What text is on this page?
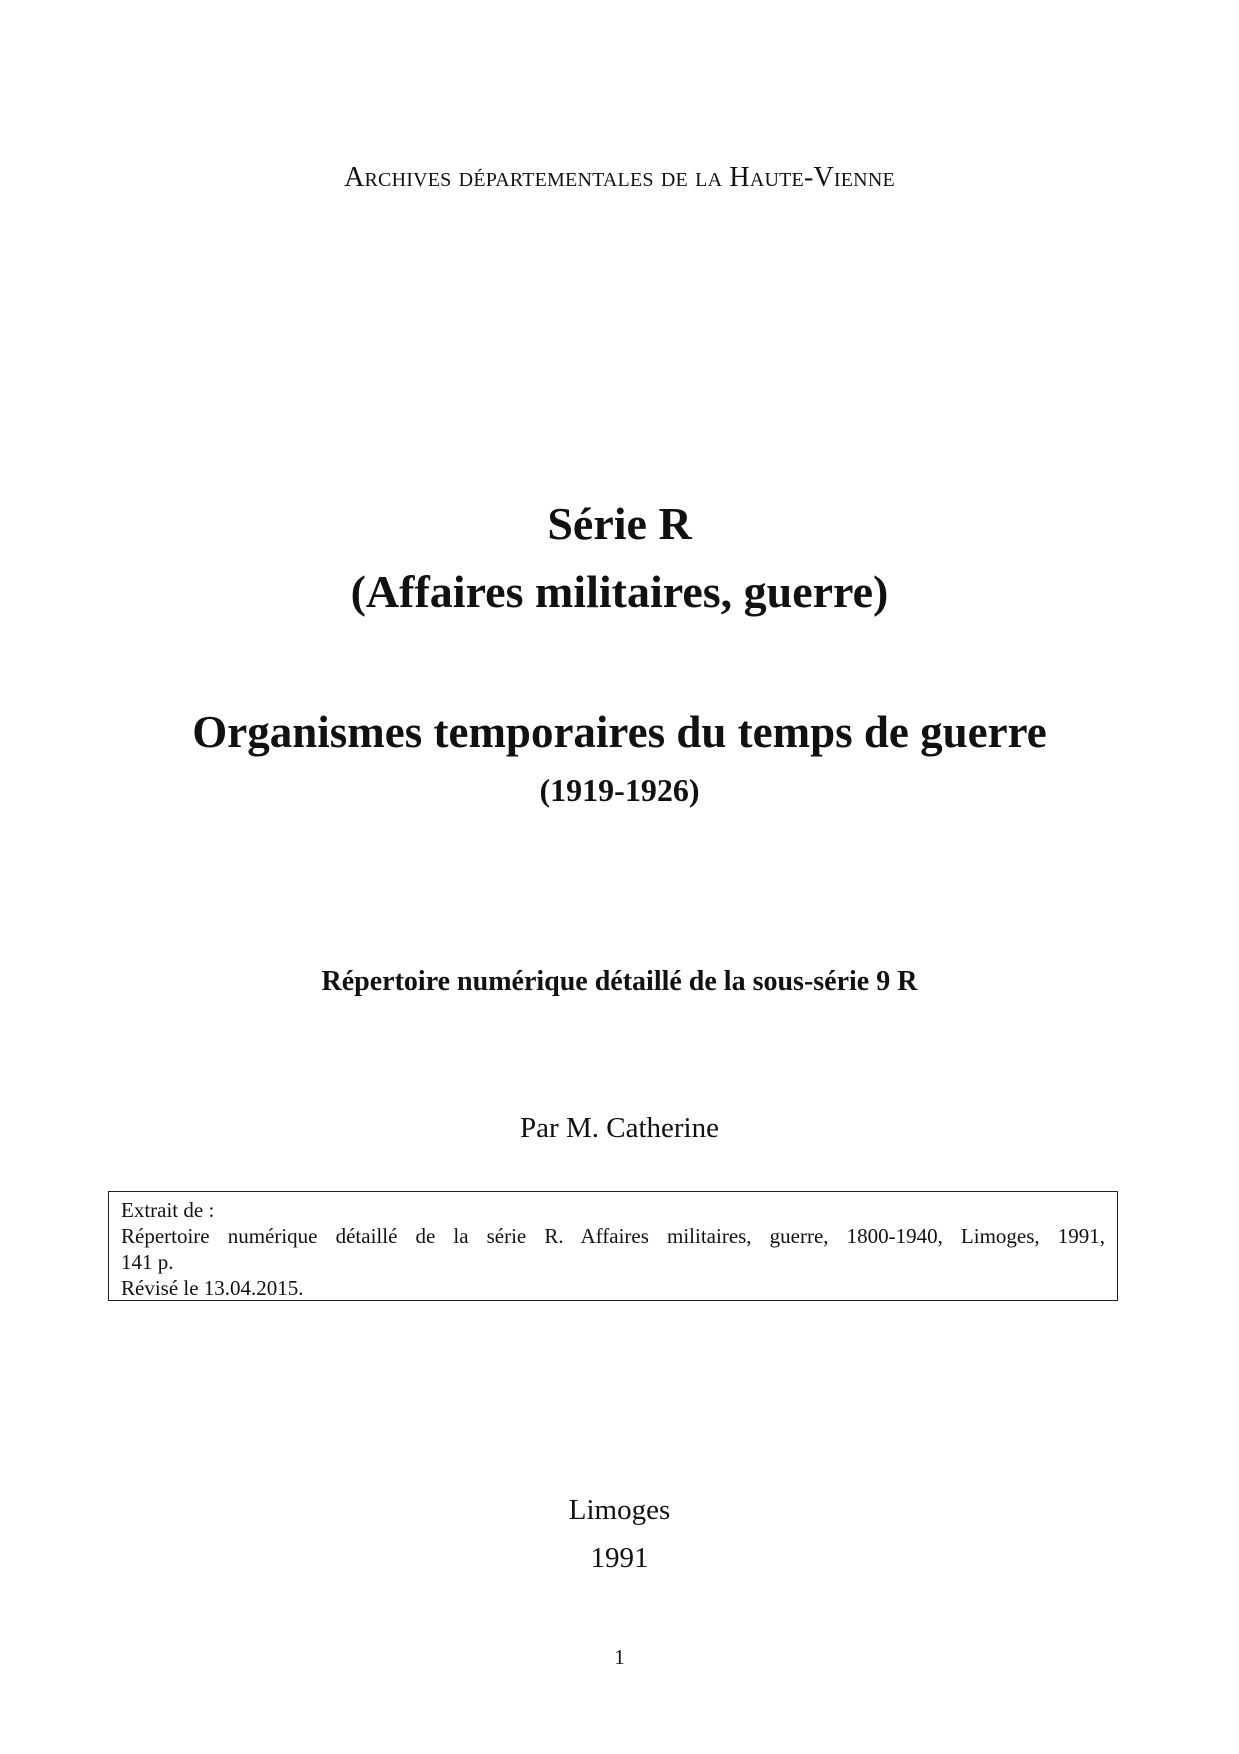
Archives départementales de la Haute-Vienne
Série R
(Affaires militaires, guerre)
Organismes temporaires du temps de guerre
(1919-1926)
Répertoire numérique détaillé de la sous-série 9 R
Par M. Catherine
Extrait de :
Répertoire numérique détaillé de la série R. Affaires militaires, guerre, 1800-1940, Limoges, 1991,
141 p.
Révisé le 13.04.2015.
Limoges
1991
1
